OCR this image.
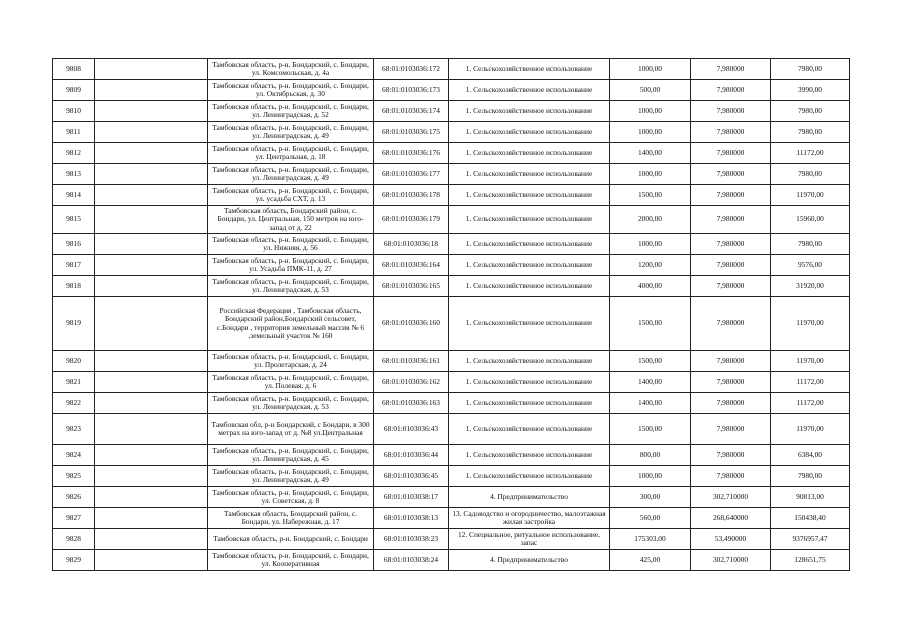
9808		Тамбовская область, р-н. Бондарский, с. Бондари, ул. Комсомольская, д. 4а	68:01:0103036:172	1. Сельскохозяйственное использование	1000,00	7,980000	7980,00
9809		Тамбовская область, р-н. Бондарский, с. Бондари, ул. Октябрьская, д. 30	68:01:0103036:173	1. Сельскохозяйственное использование	500,00	7,980000	3990,00
9810		Тамбовская область, р-н. Бондарский, с. Бондари, ул. Ленинградская, д. 52	68:01:0103036:174	1. Сельскохозяйственное использование	1000,00	7,980000	7980,00
9811		Тамбовская область, р-н. Бондарский, с. Бондари, ул. Ленинградская, д. 49	68:01:0103036:175	1. Сельскохозяйственное использование	1000,00	7,980000	7980,00
9812		Тамбовская область, р-н. Бондарский, с. Бондари, ул. Центральная, д. 18	68:01:0103036:176	1. Сельскохозяйственное использование	1400,00	7,980000	11172,00
9813		Тамбовская область, р-н. Бондарский, с. Бондари, ул. Ленинградская, д. 49	68:01:0103036:177	1. Сельскохозяйственное использование	1000,00	7,980000	7980,00
9814		Тамбовская область, р-н. Бондарский, с. Бондари, ул. усадьба СХТ, д. 13	68:01:0103036:178	1. Сельскохозяйственное использование	1500,00	7,980000	11970,00
9815		Тамбовская область, Бондарский район, с. Бондари, ул. Центральная, 150 метров на юго-запад от д. 22	68:01:0103036:179	1. Сельскохозяйственное использование	2000,00	7,980000	15960,00
9816		Тамбовская область, р-н. Бондарский, с. Бондари, ул. Нижняя, д. 56	68:01:0103036:18	1. Сельскохозяйственное использование	1000,00	7,980000	7980,00
9817		Тамбовская область, р-н. Бондарский, с. Бондари, ул. Усадьба ПМК-11, д. 27	68:01:0103036:164	1. Сельскохозяйственное использование	1200,00	7,980000	9576,00
9818		Тамбовская область, р-н. Бондарский, с. Бондари, ул. Ленинградская, д. 53	68:01:0103036:165	1. Сельскохозяйственное использование	4000,00	7,980000	31920,00
9819		Российская Федерация , Тамбовская область, Бондарский район,Бондарский сельсовет, с.Бондари , территория земельный массив № 6 ,земельный участок № 160	68:01:0103036:160	1. Сельскохозяйственное использование	1500,00	7,980000	11970,00
9820		Тамбовская область, р-н. Бондарский, с. Бондари, ул. Пролетарская, д. 24	68:01:0103036:161	1. Сельскохозяйственное использование	1500,00	7,980000	11970,00
9821		Тамбовская область, р-н. Бондарский, с. Бондари, ул. Полевая, д. 6	68:01:0103036:162	1. Сельскохозяйственное использование	1400,00	7,980000	11172,00
9822		Тамбовская область, р-н. Бондарский, с. Бондари, ул. Ленинградская, д. 53	68:01:0103036:163	1. Сельскохозяйственное использование	1400,00	7,980000	11172,00
9823		Тамбовская обл, р-н Бондарский, с Бондари, в 300 метрах на юго-запад от д. №8 ул.Центральная	68:01:0103036:43	1. Сельскохозяйственное использование	1500,00	7,980000	11970,00
9824		Тамбовская область, р-н. Бондарский, с. Бондари, ул. Ленинградская, д. 45	68:01:0103036:44	1. Сельскохозяйственное использование	800,00	7,980000	6384,00
9825		Тамбовская область, р-н. Бондарский, с. Бондари, ул. Ленинградская, д. 49	68:01:0103036:45	1. Сельскохозяйственное использование	1000,00	7,980000	7980,00
9826		Тамбовская область, р-н. Бондарский, с. Бондари, ул. Советская, д. 8	68:01:0103038:17	4. Предпринимательство	300,00	302,710000	90813,00
9827		Тамбовская область, Бондарский район, с. Бондари, ул. Набережная, д. 17	68:01:0103038:13	13. Садоводство и огородничество, малоэтажная жилая застройка	560,00	268,640000	150438,40
9828		Тамбовская область, р-н. Бондарский, с. Бондари	68:01:0103038:23	12. Специальное, ритуальное использование, запас	175303,00	53,490000	9376957,47
9829		Тамбовская область, р-н. Бондарский, с. Бондари, ул. Кооперативная	68:01:0103038:24	4. Предпринимательство	425,00	302,710000	128651,75
